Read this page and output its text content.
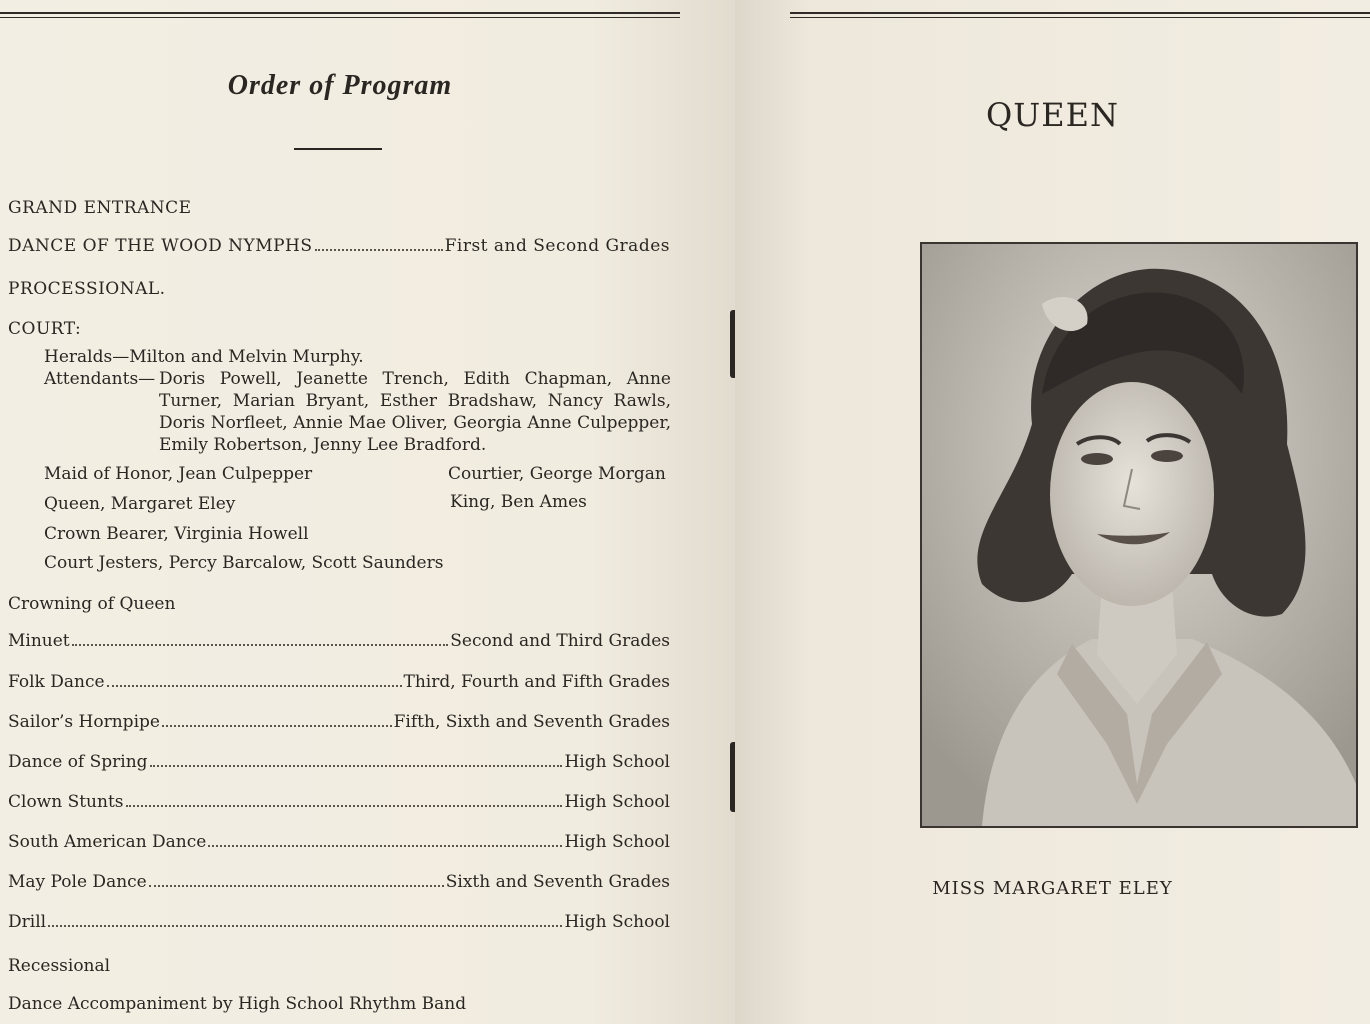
Order of Program
GRAND ENTRANCE
DANCE OF THE WOOD NYMPHS	First and Second Grades
PROCESSIONAL.
COURT:
Heralds—Milton and Melvin Murphy.
Attendants— Doris Powell, Jeanette Trench, Edith Chapman, Anne Turner, Marian Bryant, Esther Bradshaw, Nancy Rawls, Doris Norfleet, Annie Mae Oliver, Georgia Anne Culpepper, Emily Robertson, Jenny Lee Bradford.
Maid of Honor, Jean Culpepper	Courtier, George Morgan
Queen, Margaret Eley	King, Ben Ames
Crown Bearer, Virginia Howell
Court Jesters, Percy Barcalow, Scott Saunders
Crowning of Queen
Minuet	Second and Third Grades
Folk Dance	Third, Fourth and Fifth Grades
Sailor’s Hornpipe	Fifth, Sixth and Seventh Grades
Dance of Spring	High School
Clown Stunts	High School
South American Dance	High School
May Pole Dance	Sixth and Seventh Grades
Drill	High School
Recessional
Dance Accompaniment by High School Rhythm Band
QUEEN
MISS MARGARET ELEY
